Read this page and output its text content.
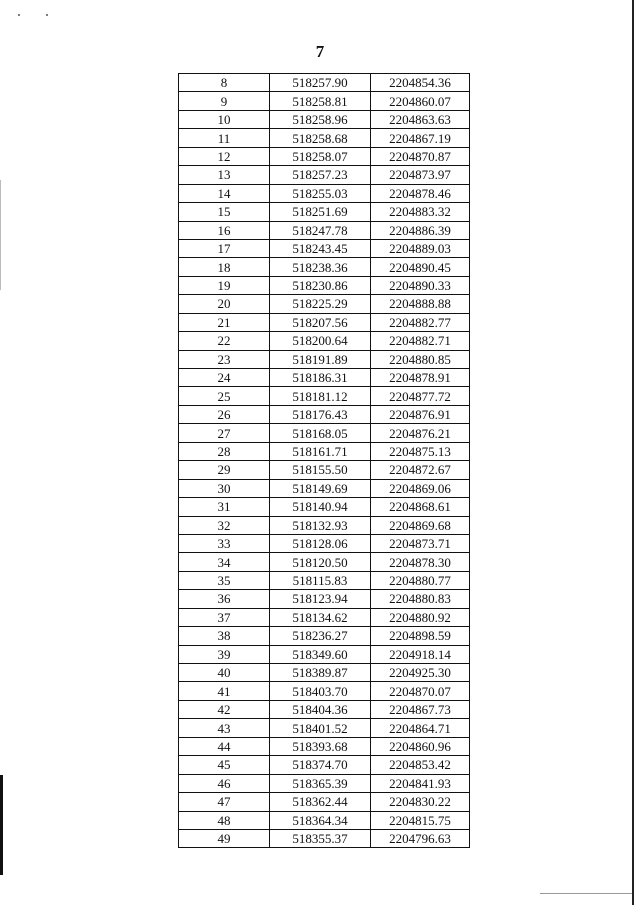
7
8	518257.90	2204854.36
9	518258.81	2204860.07
10	518258.96	2204863.63
11	518258.68	2204867.19
12	518258.07	2204870.87
13	518257.23	2204873.97
14	518255.03	2204878.46
15	518251.69	2204883.32
16	518247.78	2204886.39
17	518243.45	2204889.03
18	518238.36	2204890.45
19	518230.86	2204890.33
20	518225.29	2204888.88
21	518207.56	2204882.77
22	518200.64	2204882.71
23	518191.89	2204880.85
24	518186.31	2204878.91
25	518181.12	2204877.72
26	518176.43	2204876.91
27	518168.05	2204876.21
28	518161.71	2204875.13
29	518155.50	2204872.67
30	518149.69	2204869.06
31	518140.94	2204868.61
32	518132.93	2204869.68
33	518128.06	2204873.71
34	518120.50	2204878.30
35	518115.83	2204880.77
36	518123.94	2204880.83
37	518134.62	2204880.92
38	518236.27	2204898.59
39	518349.60	2204918.14
40	518389.87	2204925.30
41	518403.70	2204870.07
42	518404.36	2204867.73
43	518401.52	2204864.71
44	518393.68	2204860.96
45	518374.70	2204853.42
46	518365.39	2204841.93
47	518362.44	2204830.22
48	518364.34	2204815.75
49	518355.37	2204796.63
